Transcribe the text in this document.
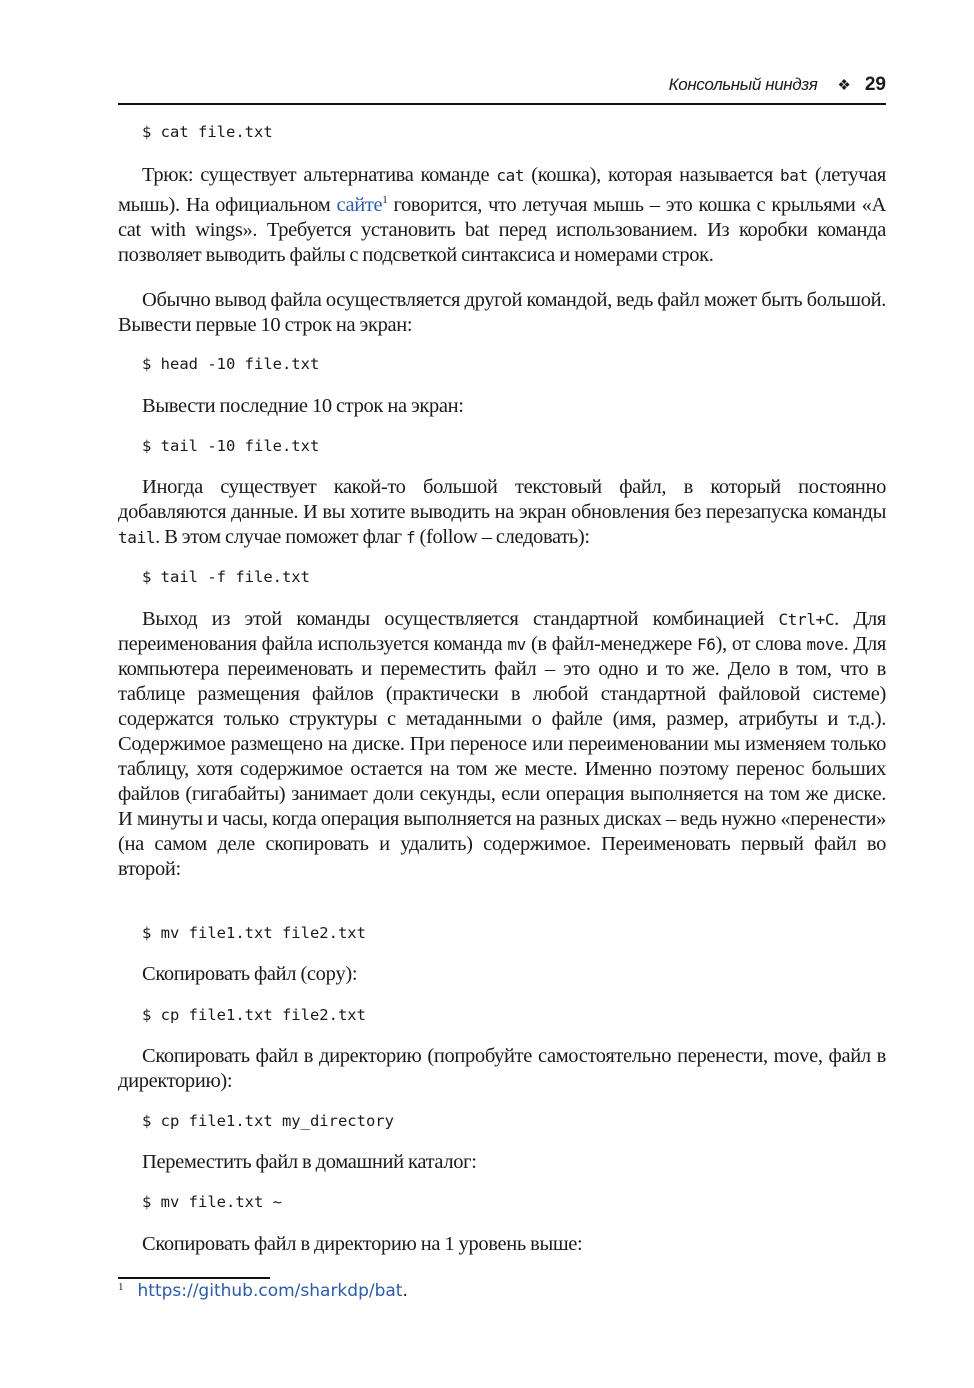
Консольный ниндзя ❖ 29
$ cat file.txt

Трюк: существует альтернатива команде cat (кошка), которая называется bat (летучая мышь). На официальном сайте$^1$ говорится, что летучая мышь – это кошка с крыльями «A cat with wings». Требуется установить bat перед использованием. Из коробки команда позволяет выводить файлы с подсветкой синтаксиса и номерами строк.

Обычно вывод файла осуществляется другой командой, ведь файл может быть большой. Вывести первые 10 строк на экран:

$ head -10 file.txt

Вывести последние 10 строк на экран:

$ tail -10 file.txt

Иногда существует какой-то большой текстовый файл, в который постоянно добавляются данные. И вы хотите выводить на экран обновления без перезапуска команды tail. В этом случае поможет флаг f (follow – следовать):

$ tail -f file.txt

Выход из этой команды осуществляется стандартной комбинацией Ctrl+C. Для переименования файла используется команда mv (в файл-менеджере F6), от слова move. Для компьютера переименовать и переместить файл – это одно и то же. Дело в том, что в таблице размещения файлов (практически в любой стандартной файловой системе) содержатся только структуры с метаданными о файле (имя, размер, атрибуты и т.д.). Содержимое размещено на диске. При переносе или переименовании мы изменяем только таблицу, хотя содержимое остается на том же месте. Именно поэтому перенос больших файлов (гигабайты) занимает доли секунды, если операция выполняется на том же диске. И минуты и часы, когда операция выполняется на разных дисках – ведь нужно «перенести» (на самом деле скопировать и удалить) содержимое. Переименовать первый файл во второй:

$ mv file1.txt file2.txt

Скопировать файл (copy):

$ cp file1.txt file2.txt

Скопировать файл в директорию (попробуйте самостоятельно перенести, move, файл в директорию):

$ cp file1.txt my_directory

Переместить файл в домашний каталог:

$ mv file.txt ~

Скопировать файл в директорию на 1 уровень выше:

$^1$ https://github.com/sharkdp/bat.
